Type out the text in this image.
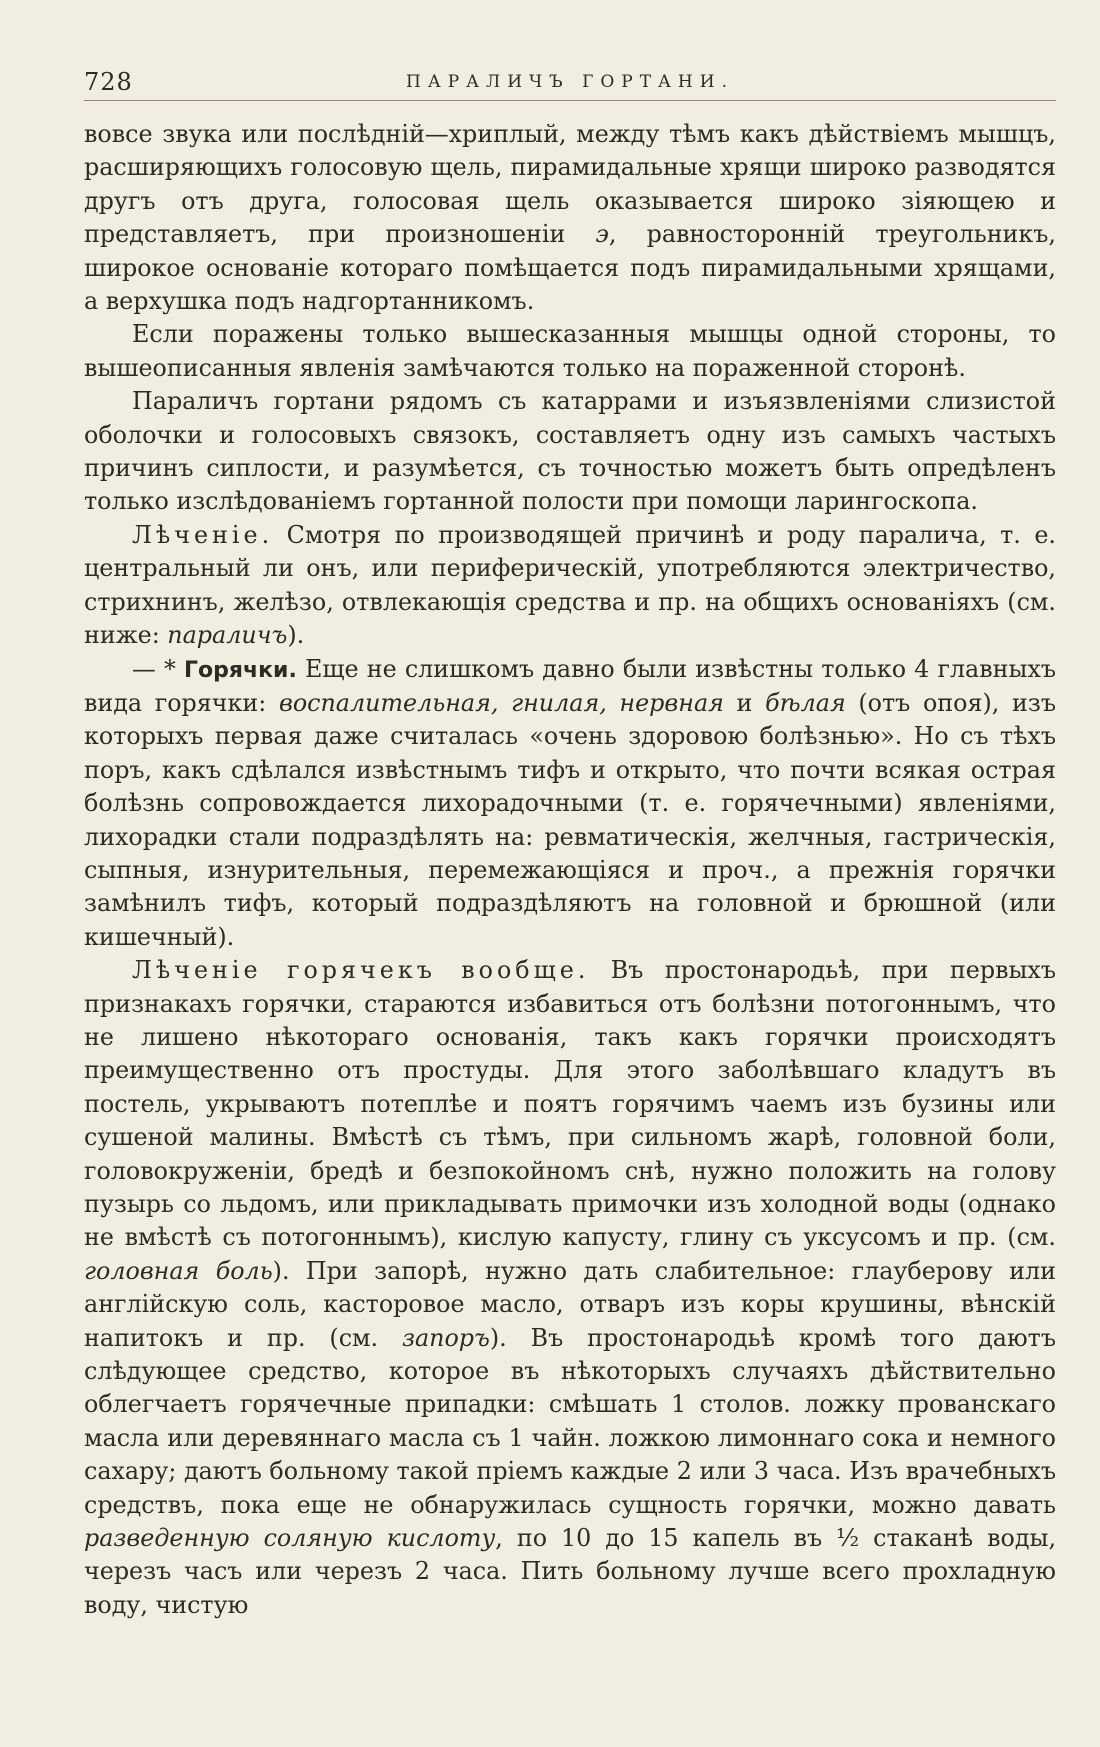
728	ПАРАЛИЧЪ ГОРТАНИ.

вовсе звука или послѣдній—хриплый, между тѣмъ какъ дѣйствіемъ мышцъ, расширяющихъ голосовую щель, пирамидальные хрящи широко разводятся другъ отъ друга, голосовая щель оказывается широко зіяющею и представляетъ, при произношеніи э, равносторонній треугольникъ, широкое основаніе котораго помѣщается подъ пирамидальными хрящами, а верхушка подъ надгортанникомъ.

Если поражены только вышесказанныя мышцы одной стороны, то вышеописанныя явленія замѣчаются только на пораженной сторонѣ.

Параличъ гортани рядомъ съ катаррами и изъязвленіями слизистой оболочки и голосовыхъ связокъ, составляетъ одну изъ самыхъ частыхъ причинъ сиплости, и разумѣется, съ точностью можетъ быть опредѣленъ только изслѣдованіемъ гортанной полости при помощи ларингоскопа.

Лѣченіе. Смотря по производящей причинѣ и роду паралича, т. е. центральный ли онъ, или периферическій, употребляются электричество, стрихнинъ, желѣзо, отвлекающія средства и пр. на общихъ основаніяхъ (см. ниже: параличъ).

— * Горячки. Еще не слишкомъ давно были извѣстны только 4 главныхъ вида горячки: воспалительная, гнилая, нервная и бѣлая (отъ опоя), изъ которыхъ первая даже считалась «очень здоровою болѣзнью». Но съ тѣхъ поръ, какъ сдѣлался извѣстнымъ тифъ и открыто, что почти всякая острая болѣзнь сопровождается лихорадочными (т. е. горячечными) явленіями, лихорадки стали подраздѣлять на: ревматическія, желчныя, гастрическія, сыпныя, изнурительныя, перемежающіяся и проч., а прежнія горячки замѣнилъ тифъ, который подраздѣляютъ на головной и брюшной (или кишечный).

Лѣченіе горячекъ вообще. Въ простонародьѣ, при первыхъ признакахъ горячки, стараются избавиться отъ болѣзни потогоннымъ, что не лишено нѣкотораго основанія, такъ какъ горячки происходятъ преимущественно отъ простуды. Для этого заболѣвшаго кладутъ въ постель, укрываютъ потеплѣе и поятъ горячимъ чаемъ изъ бузины или сушеной малины. Вмѣстѣ съ тѣмъ, при сильномъ жарѣ, головной боли, головокруженіи, бредѣ и безпокойномъ снѣ, нужно положить на голову пузырь со льдомъ, или прикладывать примочки изъ холодной воды (однако не вмѣстѣ съ потогоннымъ), кислую капусту, глину съ уксусомъ и пр. (см. головная боль). При запорѣ, нужно дать слабительное: глауберову или англійскую соль, касторовое масло, отваръ изъ коры крушины, вѣнскій напитокъ и пр. (см. запоръ). Въ простонародьѣ кромѣ того даютъ слѣдующее средство, которое въ нѣкоторыхъ случаяхъ дѣйствительно облегчаетъ горячечные припадки: смѣшать 1 столов. ложку прованскаго масла или деревяннаго масла съ 1 чайн. ложкою лимоннаго сока и немного сахару; даютъ больному такой пріемъ каждые 2 или 3 часа. Изъ врачебныхъ средствъ, пока еще не обнаружилась сущность горячки, можно давать разведенную соляную кислоту, по 10 до 15 капель въ ½ стаканѣ воды, черезъ часъ или черезъ 2 часа. Пить больному лучше всего прохладную воду, чистую
